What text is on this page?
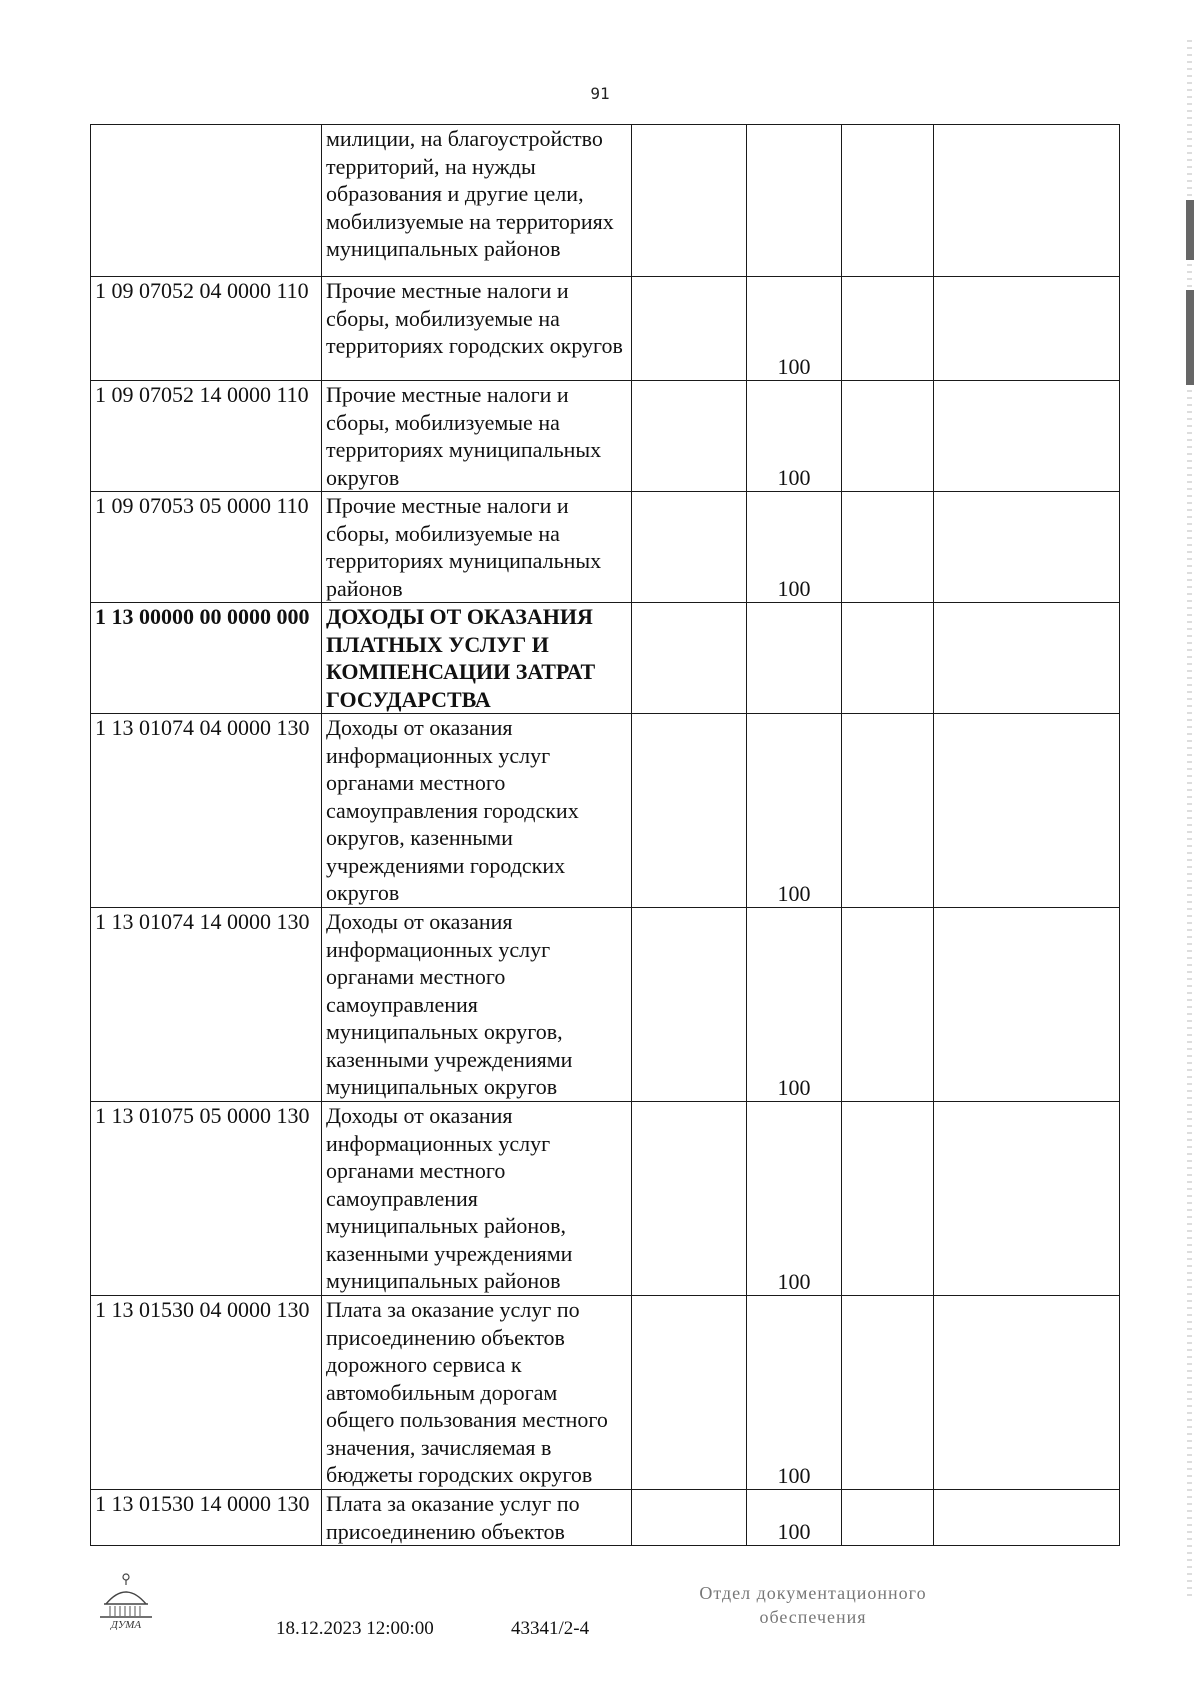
91
	милиции, на благоустройство территорий, на нужды образования и другие цели, мобилизуемые на территориях муниципальных районов				
1 09 07052 04 0000 110	Прочие местные налоги и сборы, мобилизуемые на территориях городских округов		100		
1 09 07052 14 0000 110	Прочие местные налоги и сборы, мобилизуемые на территориях муниципальных округов		100		
1 09 07053 05 0000 110	Прочие местные налоги и сборы, мобилизуемые на территориях муниципальных районов		100		
1 13 00000 00 0000 000	ДОХОДЫ ОТ ОКАЗАНИЯ ПЛАТНЫХ УСЛУГ И КОМПЕНСАЦИИ ЗАТРАТ ГОСУДАРСТВА				
1 13 01074 04 0000 130	Доходы от оказания информационных услуг органами местного самоуправления городских округов, казенными учреждениями городских округов		100		
1 13 01074 14 0000 130	Доходы от оказания информационных услуг органами местного самоуправления муниципальных округов, казенными учреждениями муниципальных округов		100		
1 13 01075 05 0000 130	Доходы от оказания информационных услуг органами местного самоуправления муниципальных районов, казенными учреждениями муниципальных районов		100		
1 13 01530 04 0000 130	Плата за оказание услуг по присоединению объектов дорожного сервиса к автомобильным дорогам общего пользования местного значения, зачисляемая в бюджеты городских округов		100		
1 13 01530 14 0000 130	Плата за оказание услуг по присоединению объектов		100		
ДУМА	18.12.2023 12:00:00	43341/2-4
Отдел документационного
обеспечения
